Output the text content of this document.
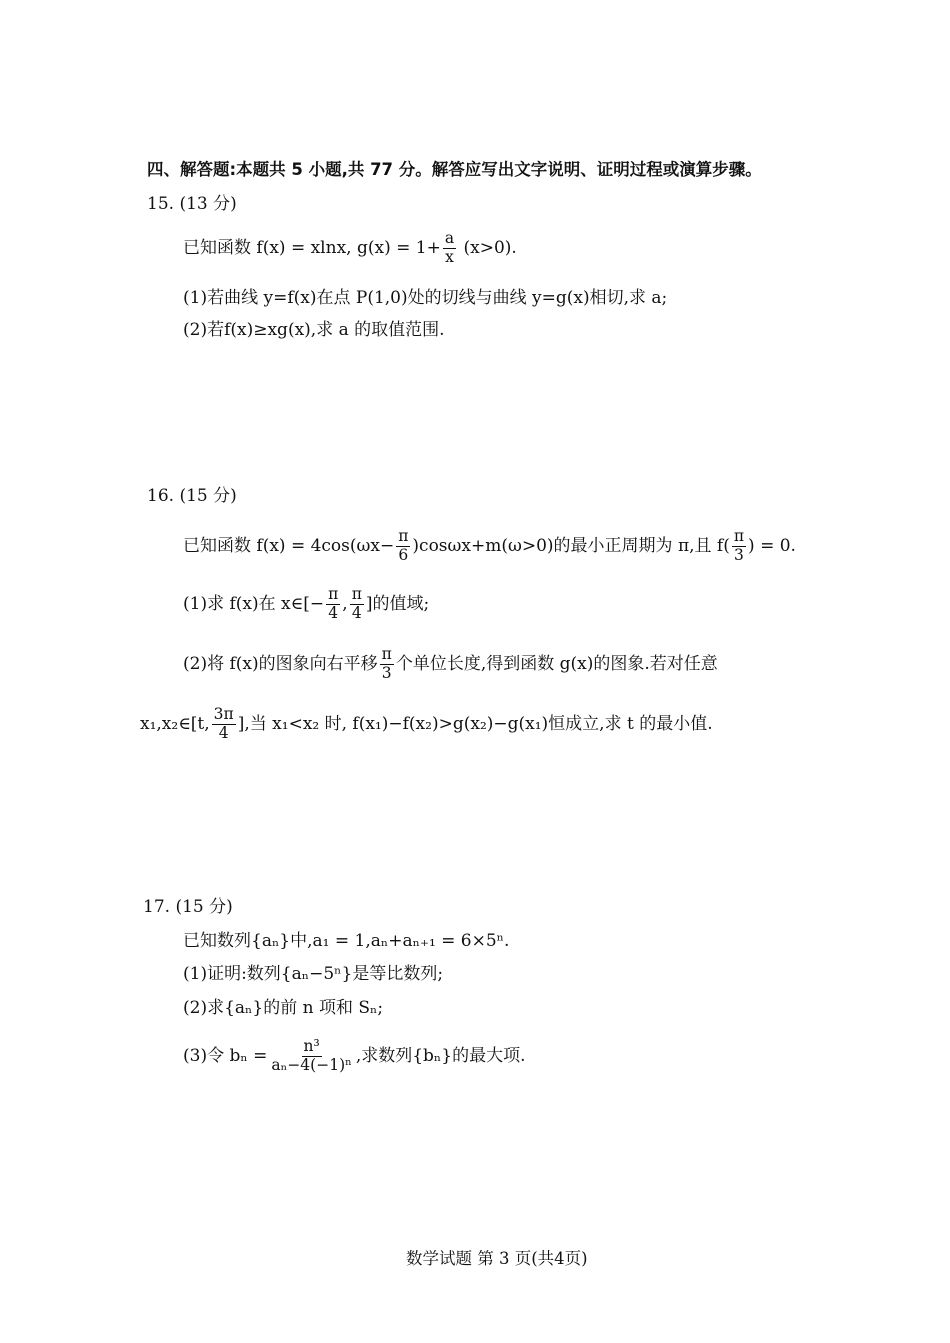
四、解答题:本题共 5 小题,共 77 分。解答应写出文字说明、证明过程或演算步骤。
15. (13 分)
已知函数 f(x) = xlnx, $g(x) = 1+ \frac{a}{x} (x>0)$.
(1)若曲线 y=f(x)在点 P(1,0)处的切线与曲线 y=g(x)相切,求 a;
(2)若f(x)≥xg(x),求 a 的取值范围.
16. (15 分)
已知函数 $f(x) = 4\cos(\omega x- \frac{\pi}{6} )\cos\omega x+m(\omega>0)$的最小正周期为 π,且 $f( \frac{\pi}{3}$ ) = 0.
(1)求 f(x)在 x∈[− $\frac{\pi}{4}$ , $\frac{\pi}{4}$ ]的值域;
(2)将 f(x)的图象向右平移 $\frac{\pi}{3}$ 个单位长度,得到函数 g(x)的图象.若对任意
x₁,x₂∈[t, $\frac{3\pi}{4}$ ],当 x₁<x₂ 时, f(x₁)−f(x₂)>g(x₂)−g(x₁)恒成立,求 t 的最小值.
17. (15 分)
已知数列{aₙ}中,a₁ = 1,aₙ+aₙ₊₁ = 6×5ⁿ.
(1)证明:数列{aₙ−5ⁿ}是等比数列;
(2)求{aₙ}的前 n 项和 Sₙ;
(3)令 $b_n = \frac{\text{n³}}{\text{aₙ−4(−1)ⁿ}}$ ,求数列{bₙ}的最大项.
数学试题 第 3 页(共4页)
